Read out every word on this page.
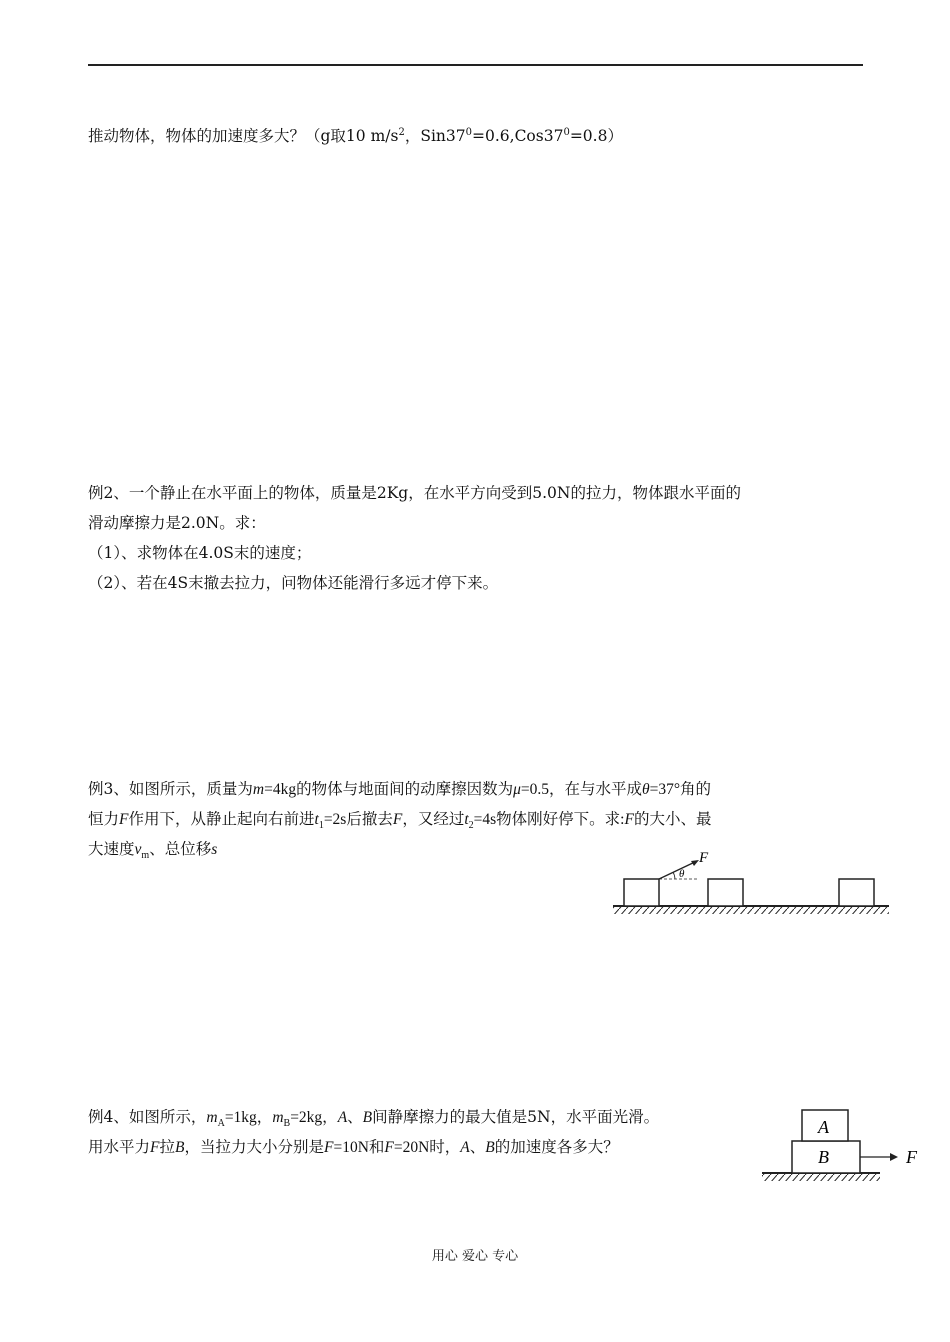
推动物体，物体的加速度多大？（g取10 $m/s^2$，$Sin37^0=0.6,Cos37^0=0.8$）
例2、一个静止在水平面上的物体，质量是2Kg，在水平方向受到5.0N的拉力，物体跟水平面的
滑动摩擦力是2.0N。求：
（1）、求物体在4.0S末的速度；
（2）、若在4S末撤去拉力，问物体还能滑行多远才停下来。
例3、如图所示，质量为m=4kg的物体与地面间的动摩擦因数为μ=0.5，在与水平成θ=37°角的
恒力F作用下，从静止起向右前进$t_1=2s$后撤去F，又经过$t_2=4s$物体刚好停下。求:F的大小、最
大速度$v_m$、总位移s
θ
F
例4、如图所示，$m_A=1kg$，$m_B=2kg$，A、B间静摩擦力的最大值是5N，水平面光滑。
用水平力F拉B，当拉力大小分别是F=10N和F=20N时，A、B的加速度各多大？
A
B	F
用心 爱心 专心
